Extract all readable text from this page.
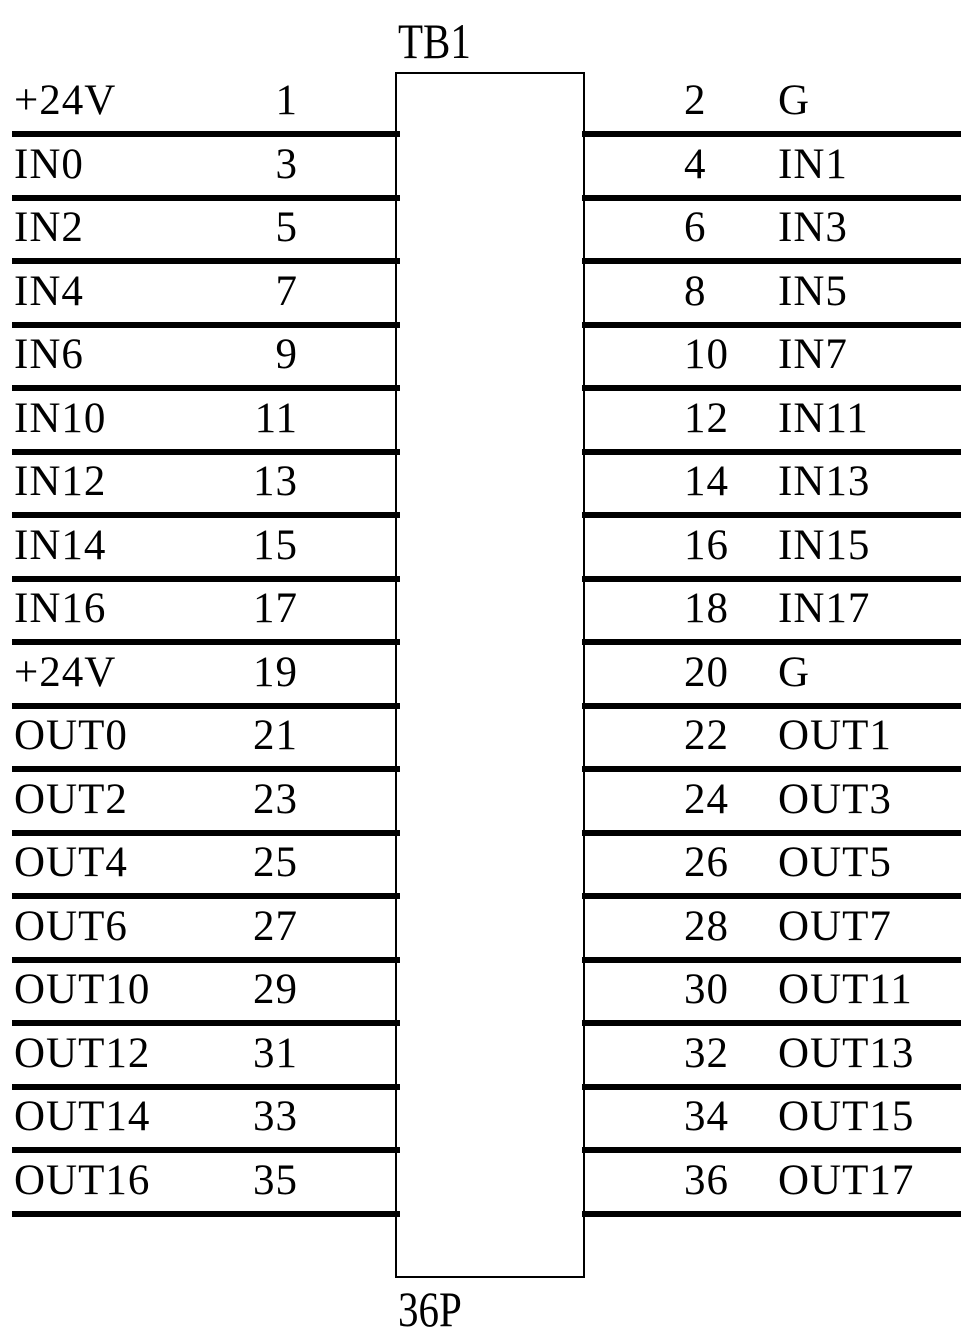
TB1
36P
+24V	1	2 G
IN0	3	4 IN1
IN2	5	6 IN3
IN4	7	8 IN5
IN6	9	10 IN7
IN10	11	12 IN11
IN12	13	14 IN13
IN14	15	16 IN15
IN16	17	18 IN17
+24V	19	20 G
OUT0	21	22 OUT1
OUT2	23	24 OUT3
OUT4	25	26 OUT5
OUT6	27	28 OUT7
OUT10	29	30 OUT11
OUT12	31	32 OUT13
OUT14	33	34 OUT15
OUT16	35	36 OUT17
